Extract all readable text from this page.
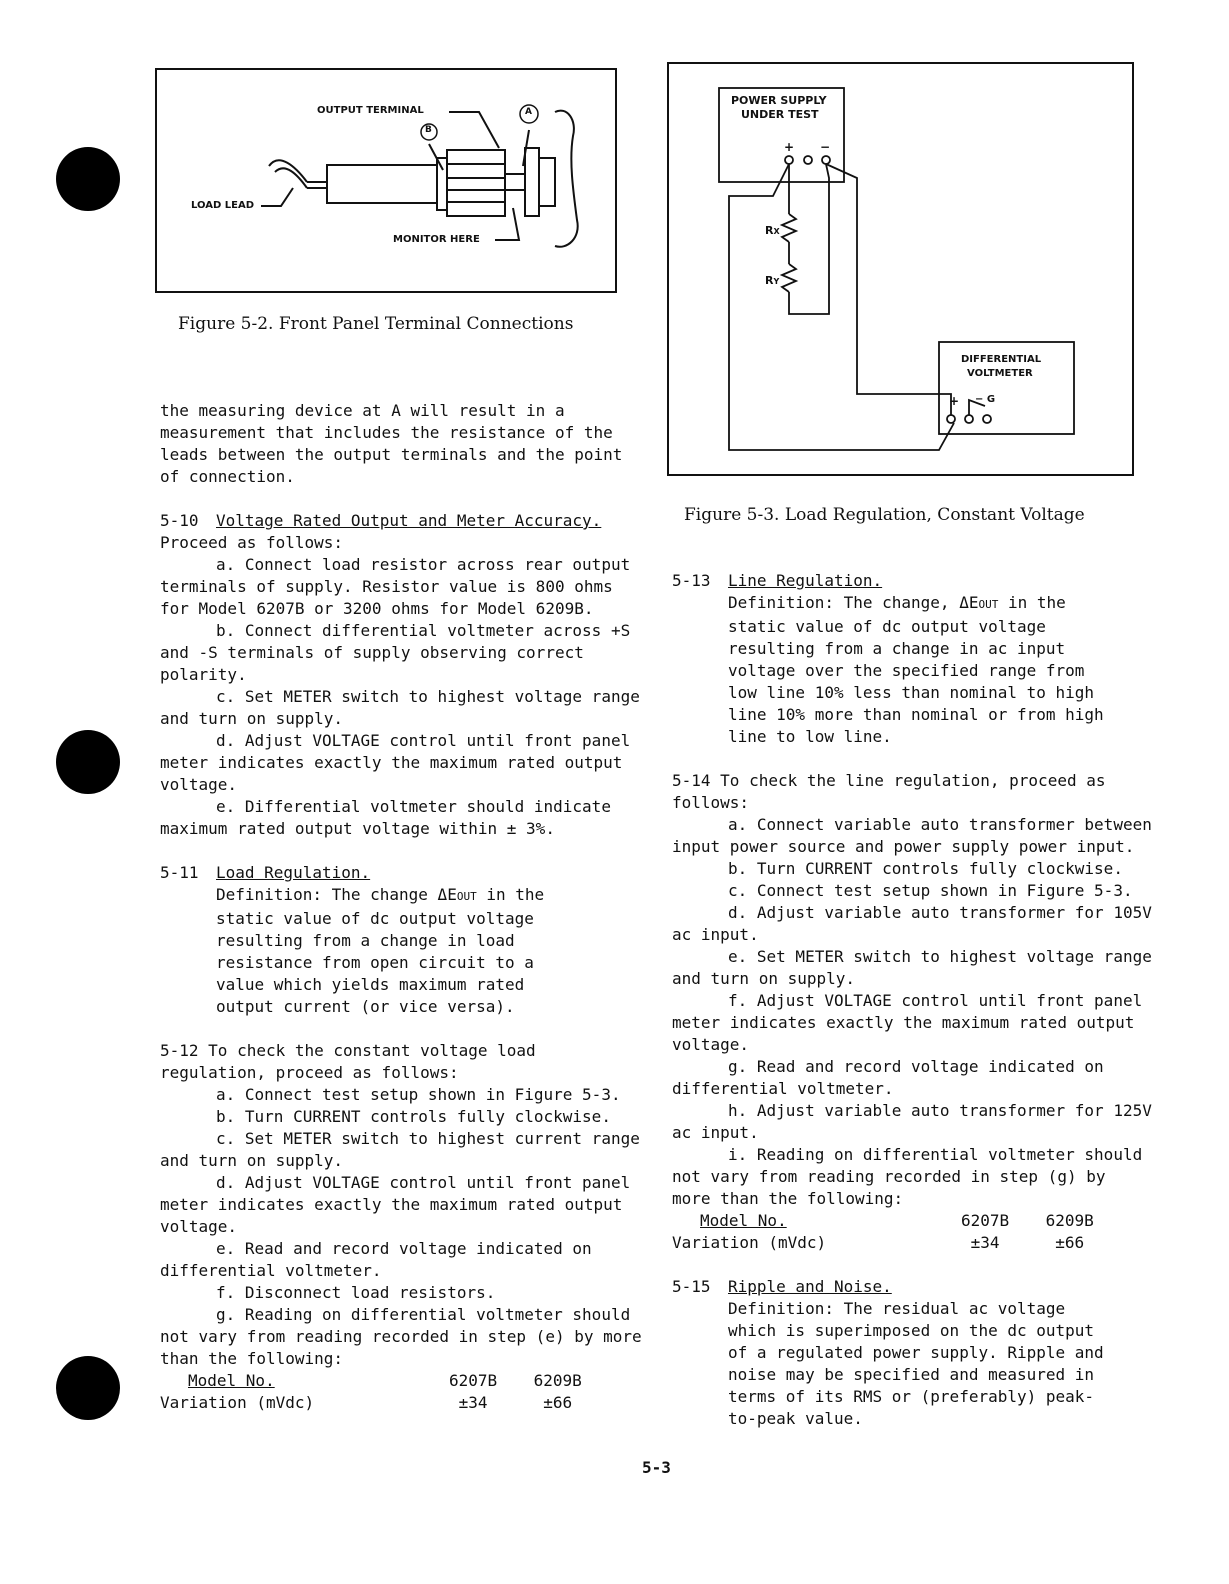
OUTPUT TERMINAL
B
A
LOAD LEAD
MONITOR HERE
Figure 5-2. Front Panel Terminal Connections
POWER SUPPLY
UNDER TEST
+ −
RX
RY
DIFFERENTIAL
VOLTMETER
+ − G
Figure 5-3. Load Regulation, Constant Voltage

the measuring device at A will result in a measurement that includes the resistance of the leads between the output terminals and the point of connection.

5-10 Voltage Rated Output and Meter Accuracy.

Proceed as follows:

a. Connect load resistor across rear output terminals of supply. Resistor value is 800 ohms for Model 6207B or 3200 ohms for Model 6209B.

b. Connect differential voltmeter across +S and -S terminals of supply observing correct polarity.

c. Set METER switch to highest voltage range and turn on supply.

d. Adjust VOLTAGE control until front panel meter indicates exactly the maximum rated output voltage.

e. Differential voltmeter should indicate maximum rated output voltage within ± 3%.

5-11 Load Regulation.

Definition: The change ΔEOUT in the static value of dc output voltage resulting from a change in load resistance from open circuit to a value which yields maximum rated output current (or vice versa).

5-12 To check the constant voltage load regulation, proceed as follows:

a. Connect test setup shown in Figure 5-3.

b. Turn CURRENT controls fully clockwise.

c. Set METER switch to highest current range and turn on supply.

d. Adjust VOLTAGE control until front panel meter indicates exactly the maximum rated output voltage.

e. Read and record voltage indicated on differential voltmeter.

f. Disconnect load resistors.

g. Reading on differential voltmeter should not vary from reading recorded in step (e) by more than the following:

Model No.	6207B	6209B
Variation (mVdc)	±34	±66

5-13 Line Regulation.

Definition: The change, ΔEOUT in the static value of dc output voltage resulting from a change in ac input voltage over the specified range from low line 10% less than nominal to high line 10% more than nominal or from high line to low line.

5-14 To check the line regulation, proceed as follows:

a. Connect variable auto transformer between input power source and power supply power input.

b. Turn CURRENT controls fully clockwise.

c. Connect test setup shown in Figure 5-3.

d. Adjust variable auto transformer for 105V ac input.

e. Set METER switch to highest voltage range and turn on supply.

f. Adjust VOLTAGE control until front panel meter indicates exactly the maximum rated output voltage.

g. Read and record voltage indicated on differential voltmeter.

h. Adjust variable auto transformer for 125V ac input.

i. Reading on differential voltmeter should not vary from reading recorded in step (g) by more than the following:

Model No.	6207B	6209B
Variation (mVdc)	±34	±66

5-15 Ripple and Noise.

Definition: The residual ac voltage which is superimposed on the dc output of a regulated power supply. Ripple and noise may be specified and measured in terms of its RMS or (preferably) peak-to-peak value.

5-3
